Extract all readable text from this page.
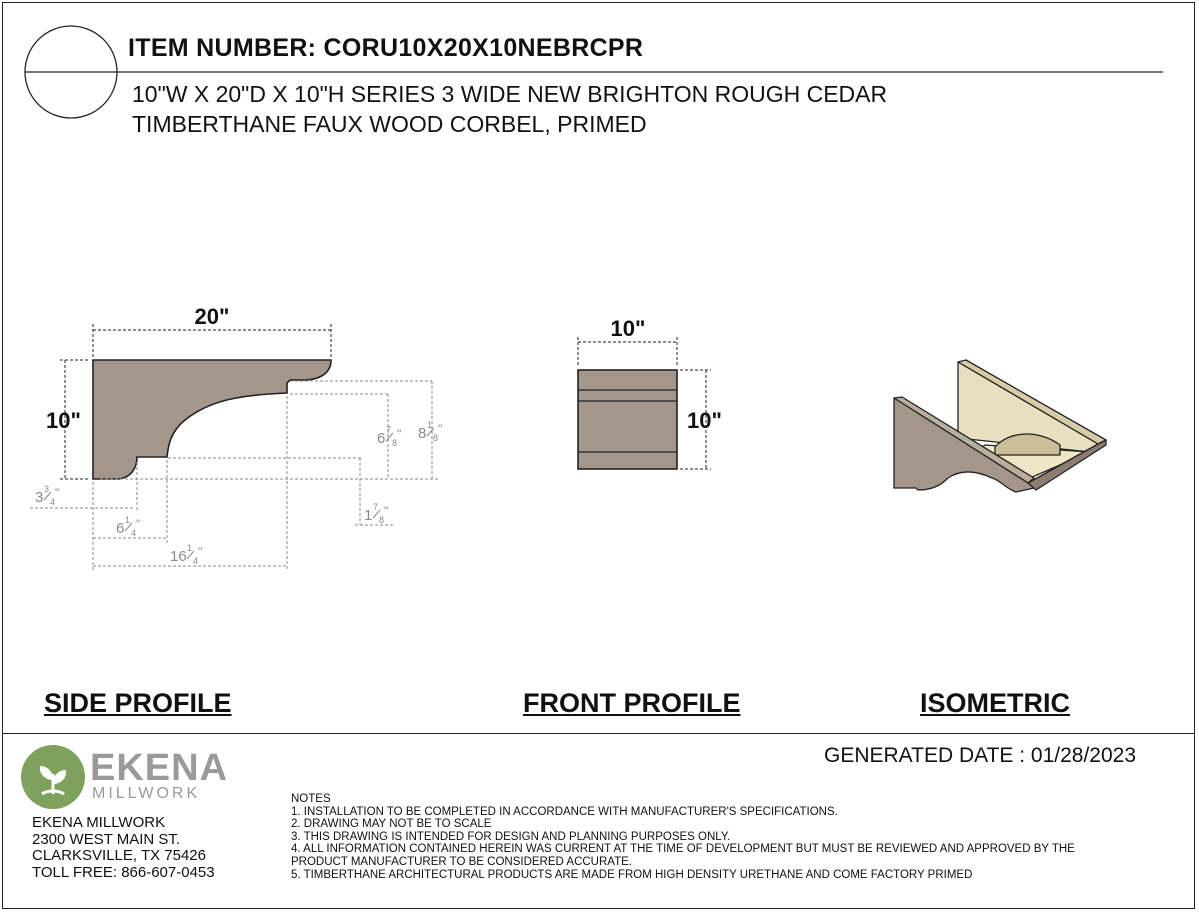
ITEM NUMBER: CORU10X20X10NEBRCPR
10"W X 20"D X 10"H SERIES 3 WIDE NEW BRIGHTON ROUGH CEDAR
TIMBERTHANE FAUX WOOD CORBEL, PRIMED
20"
10"
6 7
8
" 8 1
8
"
3 3
4
"
1 7
8
"
6 1
4
"
16 1
4
"
10"
10"
SIDE PROFILE	FRONT PROFILE	ISOMETRIC
EKENA
MILLWORK
EKENA MILLWORK
2300 WEST MAIN ST.
CLARKSVILLE, TX 75426
TOLL FREE: 866-607-0453
GENERATED DATE : 01/28/2023
NOTES
1. INSTALLATION TO BE COMPLETED IN ACCORDANCE WITH MANUFACTURER'S SPECIFICATIONS.
2. DRAWING MAY NOT BE TO SCALE
3. THIS DRAWING IS INTENDED FOR DESIGN AND PLANNING PURPOSES ONLY.
4. ALL INFORMATION CONTAINED HEREIN WAS CURRENT AT THE TIME OF DEVELOPMENT BUT MUST BE REVIEWED AND APPROVED BY THE
PRODUCT MANUFACTURER TO BE CONSIDERED ACCURATE.
5. TIMBERTHANE ARCHITECTURAL PRODUCTS ARE MADE FROM HIGH DENSITY URETHANE AND COME FACTORY PRIMED
